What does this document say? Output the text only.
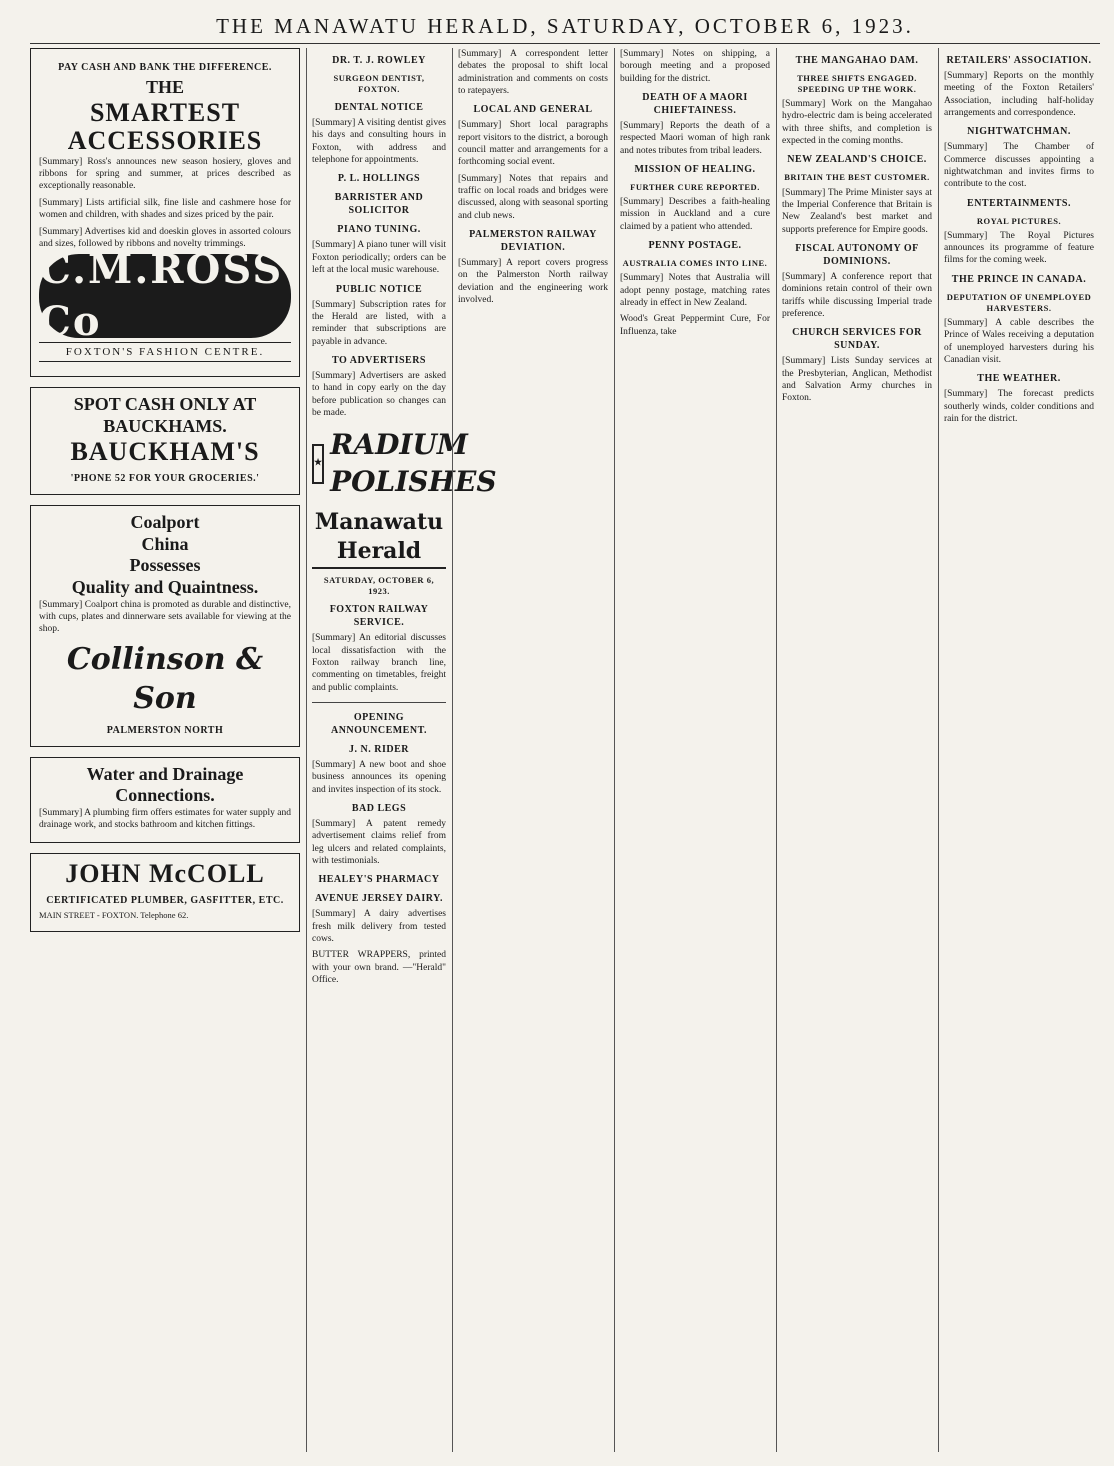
THE MANAWATU HERALD, SATURDAY, OCTOBER 6, 1923.
PAY CASH AND BANK THE DIFFERENCE.
THE
SMARTEST ACCESSORIES

[Summary] Ross's announces new season hosiery, gloves and ribbons for spring and summer, at prices described as exceptionally reasonable.

[Summary] Lists artificial silk, fine lisle and cashmere hose for women and children, with shades and sizes priced by the pair.

[Summary] Advertises kid and doeskin gloves in assorted colours and sizes, followed by ribbons and novelty trimmings.

C.M.ROSS Co
FOXTON'S FASHION CENTRE.
SPOT CASH ONLY AT BAUCKHAMS.
BAUCKHAM'S
'PHONE 52 FOR YOUR GROCERIES.'
Coalport
China
Possesses
Quality and Quaintness.

[Summary] Coalport china is promoted as durable and distinctive, with cups, plates and dinnerware sets available for viewing at the shop.

Collinson & Son
PALMERSTON NORTH
Water and Drainage Connections.

[Summary] A plumbing firm offers estimates for water supply and drainage work, and stocks bathroom and kitchen fittings.

JOHN McCOLL
CERTIFICATED PLUMBER, GASFITTER, ETC.

MAIN STREET - FOXTON. Telephone 62.

DR. T. J. ROWLEY
SURGEON DENTIST, FOXTON.
DENTAL NOTICE

[Summary] A visiting dentist gives his days and consulting hours in Foxton, with address and telephone for appointments.

P. L. HOLLINGS
BARRISTER AND SOLICITOR
PIANO TUNING.

[Summary] A piano tuner will visit Foxton periodically; orders can be left at the local music warehouse.

PUBLIC NOTICE

[Summary] Subscription rates for the Herald are listed, with a reminder that subscriptions are payable in advance.

TO ADVERTISERS

[Summary] Advertisers are asked to hand in copy early on the day before publication so changes can be made.

★
RADIUM POLISHES
Manawatu Herald
SATURDAY, OCTOBER 6, 1923.
FOXTON RAILWAY SERVICE.

[Summary] An editorial discusses local dissatisfaction with the Foxton railway branch line, commenting on timetables, freight and public complaints.

OPENING ANNOUNCEMENT.
J. N. RIDER

[Summary] A new boot and shoe business announces its opening and invites inspection of its stock.

BAD LEGS

[Summary] A patent remedy advertisement claims relief from leg ulcers and related complaints, with testimonials.

HEALEY'S PHARMACY
AVENUE JERSEY DAIRY.

[Summary] A dairy advertises fresh milk delivery from tested cows.

BUTTER WRAPPERS, printed with your own brand. —"Herald" Office.

[Summary] A correspondent letter debates the proposal to shift local administration and comments on costs to ratepayers.

LOCAL AND GENERAL

[Summary] Short local paragraphs report visitors to the district, a borough council matter and arrangements for a forthcoming social event.

[Summary] Notes that repairs and traffic on local roads and bridges were discussed, along with seasonal sporting and club news.

PALMERSTON RAILWAY DEVIATION.

[Summary] A report covers progress on the Palmerston North railway deviation and the engineering work involved.

[Summary] Notes on shipping, a borough meeting and a proposed building for the district.

DEATH OF A MAORI CHIEFTAINESS.

[Summary] Reports the death of a respected Maori woman of high rank and notes tributes from tribal leaders.

MISSION OF HEALING.
FURTHER CURE REPORTED.

[Summary] Describes a faith-healing mission in Auckland and a cure claimed by a patient who attended.

PENNY POSTAGE.
AUSTRALIA COMES INTO LINE.

[Summary] Notes that Australia will adopt penny postage, matching rates already in effect in New Zealand.

Wood's Great Peppermint Cure, For Influenza, take

THE MANGAHAO DAM.
THREE SHIFTS ENGAGED. SPEEDING UP THE WORK.

[Summary] Work on the Mangahao hydro-electric dam is being accelerated with three shifts, and completion is expected in the coming months.

NEW ZEALAND'S CHOICE.
BRITAIN THE BEST CUSTOMER.

[Summary] The Prime Minister says at the Imperial Conference that Britain is New Zealand's best market and supports preference for Empire goods.

FISCAL AUTONOMY OF DOMINIONS.

[Summary] A conference report that dominions retain control of their own tariffs while discussing Imperial trade preference.

CHURCH SERVICES FOR SUNDAY.

[Summary] Lists Sunday services at the Presbyterian, Anglican, Methodist and Salvation Army churches in Foxton.

RETAILERS' ASSOCIATION.

[Summary] Reports on the monthly meeting of the Foxton Retailers' Association, including half-holiday arrangements and correspondence.

NIGHTWATCHMAN.

[Summary] The Chamber of Commerce discusses appointing a nightwatchman and invites firms to contribute to the cost.

ENTERTAINMENTS.
ROYAL PICTURES.

[Summary] The Royal Pictures announces its programme of feature films for the coming week.

THE PRINCE IN CANADA.
DEPUTATION OF UNEMPLOYED HARVESTERS.

[Summary] A cable describes the Prince of Wales receiving a deputation of unemployed harvesters during his Canadian visit.

THE WEATHER.

[Summary] The forecast predicts southerly winds, colder conditions and rain for the district.
